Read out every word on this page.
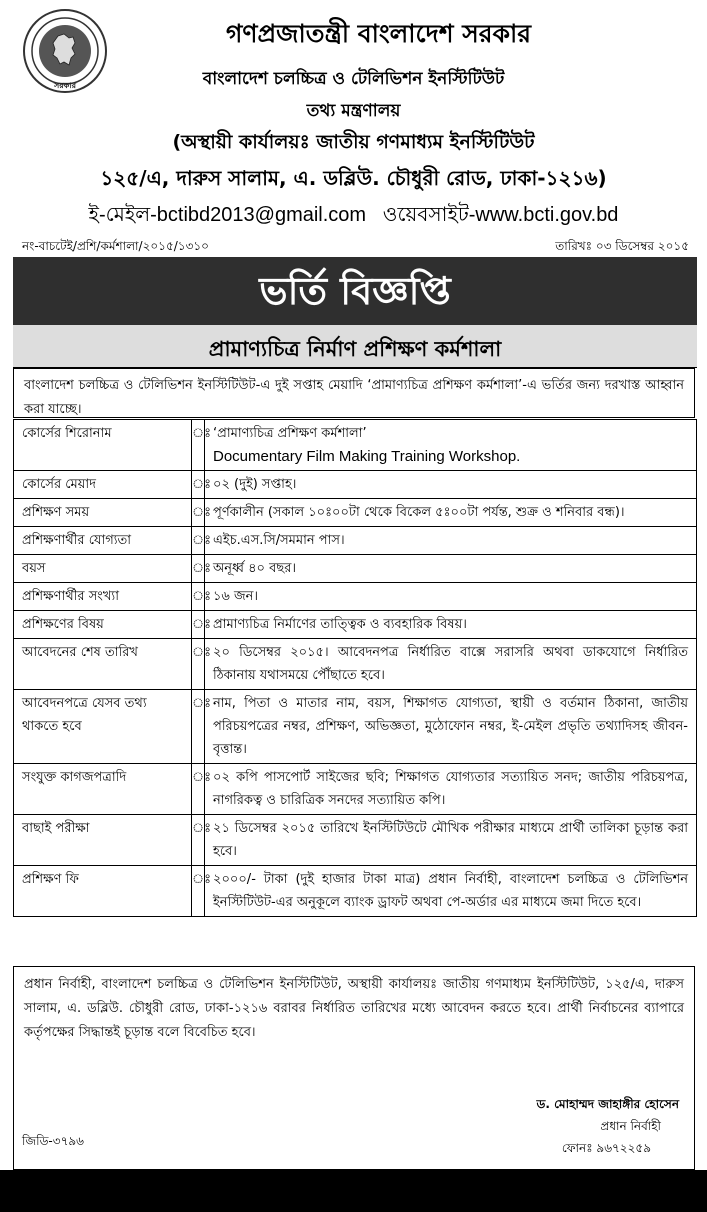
সরকার
গণপ্রজাতন্ত্রী বাংলাদেশ সরকার
বাংলাদেশ চলচ্চিত্র ও টেলিভিশন ইনস্টিটিউট
তথ্য মন্ত্রণালয়
(অস্থায়ী কার্যালয়ঃ জাতীয় গণমাধ্যম ইনস্টিটিউট
১২৫/এ, দারুস সালাম, এ. ডব্লিউ. চৌধুরী রোড, ঢাকা-১২১৬)
ই-মেইল-bctibd2013@gmail.com ওয়েবসাইট-www.bcti.gov.bd
নং-বাচটেই/প্রশি/কর্মশালা/২০১৫/১৩১০	তারিখঃ ০৩ ডিসেম্বর ২০১৫
ভর্তি বিজ্ঞপ্তি
প্রামাণ্যচিত্র নির্মাণ প্রশিক্ষণ কর্মশালা
বাংলাদেশ চলচ্চিত্র ও টেলিভিশন ইনস্টিটিউট-এ দুই সপ্তাহ মেয়াদি ‘প্রামাণ্যচিত্র প্রশিক্ষণ কর্মশালা’-এ ভর্তির জন্য দরখাস্ত আহ্বান করা যাচ্ছে।
কোর্সের শিরোনাম	ঃ	‘প্রামাণ্যচিত্র প্রশিক্ষণ কর্মশালা’
Documentary Film Making Training Workshop.

কোর্সের মেয়াদ	ঃ	০২ (দুই) সপ্তাহ।

প্রশিক্ষণ সময়	ঃ	পূর্ণকালীন (সকাল ১০ঃ০০টা থেকে বিকেল ৫ঃ০০টা পর্যন্ত, শুক্র ও শনিবার বন্ধ)।

প্রশিক্ষণার্থীর যোগ্যতা	ঃ	এইচ.এস.সি/সমমান পাস।

বয়স	ঃ	অনূর্ধ্ব ৪০ বছর।

প্রশিক্ষণার্থীর সংখ্যা	ঃ	১৬ জন।

প্রশিক্ষণের বিষয়	ঃ	প্রামাণ্যচিত্র নির্মাণের তাত্ত্বিক ও ব্যবহারিক বিষয়।

আবেদনের শেষ তারিখ	ঃ	২০ ডিসেম্বর ২০১৫। আবেদনপত্র নির্ধারিত বাক্সে সরাসরি অথবা ডাকযোগে নির্ধারিত ঠিকানায় যথাসময়ে পৌঁছাতে হবে।

আবেদনপত্রে যেসব তথ্য থাকতে হবে	ঃ	নাম, পিতা ও মাতার নাম, বয়স, শিক্ষাগত যোগ্যতা, স্থায়ী ও বর্তমান ঠিকানা, জাতীয় পরিচয়পত্রের নম্বর, প্রশিক্ষণ, অভিজ্ঞতা, মুঠোফোন নম্বর, ই-মেইল প্রভৃতি তথ্যাদিসহ জীবন-বৃত্তান্ত।

সংযুক্ত কাগজপত্রাদি	ঃ	০২ কপি পাসপোর্ট সাইজের ছবি; শিক্ষাগত যোগ্যতার সত্যায়িত সনদ; জাতীয় পরিচয়পত্র, নাগরিকত্ব ও চারিত্রিক সনদের সত্যায়িত কপি।

বাছাই পরীক্ষা	ঃ	২১ ডিসেম্বর ২০১৫ তারিখে ইনস্টিটিউটে মৌখিক পরীক্ষার মাধ্যমে প্রার্থী তালিকা চূড়ান্ত করা হবে।

প্রশিক্ষণ ফি	ঃ	২০০০/- টাকা (দুই হাজার টাকা মাত্র) প্রধান নির্বাহী, বাংলাদেশ চলচ্চিত্র ও টেলিভিশন ইনস্টিটিউট-এর অনুকূলে ব্যাংক ড্রাফট অথবা পে-অর্ডার এর মাধ্যমে জমা দিতে হবে।
প্রধান নির্বাহী, বাংলাদেশ চলচ্চিত্র ও টেলিভিশন ইনস্টিটিউট, অস্থায়ী কার্যালয়ঃ জাতীয় গণমাধ্যম ইনস্টিটিউট, ১২৫/এ, দারুস সালাম, এ. ডব্লিউ. চৌধুরী রোড, ঢাকা-১২১৬ বরাবর নির্ধারিত তারিখের মধ্যে আবেদন করতে হবে। প্রার্থী নির্বাচনের ব্যাপারে কর্তৃপক্ষের সিদ্ধান্তই চূড়ান্ত বলে বিবেচিত হবে।
ড. মোহাম্মদ জাহাঙ্গীর হোসেন
প্রধান নির্বাহী
ফোনঃ ৯৬৭২২৫৯
জিডি-৩৭৯৬
